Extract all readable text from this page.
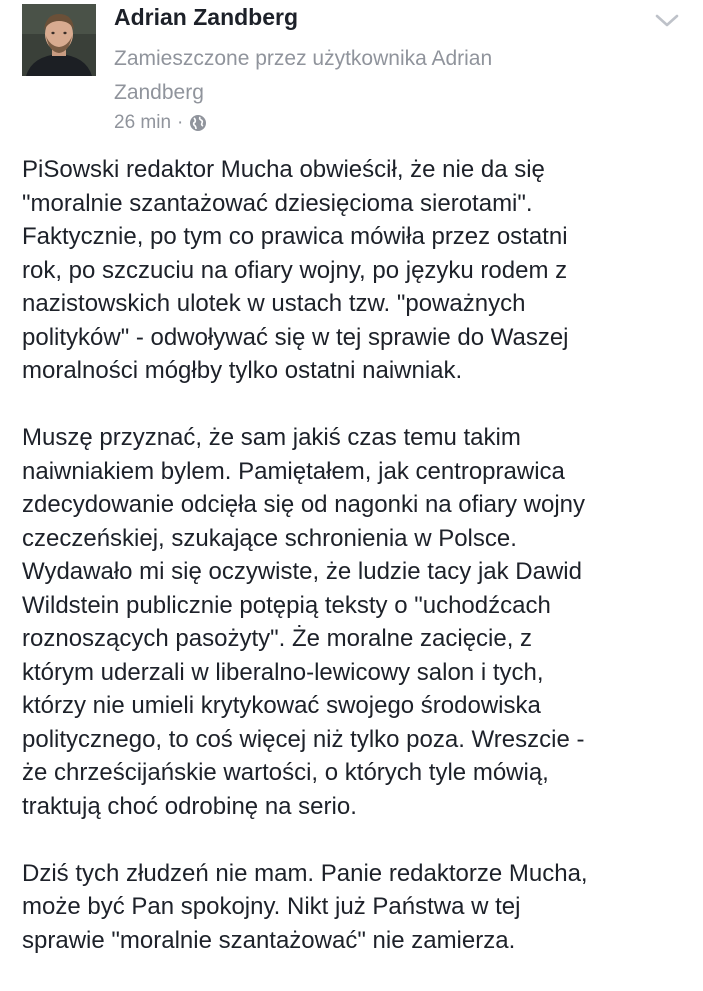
Adrian Zandberg
Zamieszczone przez użytkownika Adrian Zandberg
26 min ·

PiSowski redaktor Mucha obwieścił, że nie da się
"moralnie szantażować dziesięcioma sierotami".
Faktycznie, po tym co prawica mówiła przez ostatni
rok, po szczuciu na ofiary wojny, po języku rodem z
nazistowskich ulotek w ustach tzw. "poważnych
polityków" - odwoływać się w tej sprawie do Waszej
moralności mógłby tylko ostatni naiwniak.

Muszę przyznać, że sam jakiś czas temu takim
naiwniakiem bylem. Pamiętałem, jak centroprawica
zdecydowanie odcięła się od nagonki na ofiary wojny
czeczeńskiej, szukające schronienia w Polsce.
Wydawało mi się oczywiste, że ludzie tacy jak Dawid
Wildstein publicznie potępią teksty o "uchodźcach
roznoszących pasożyty". Że moralne zacięcie, z
którym uderzali w liberalno-lewicowy salon i tych,
którzy nie umieli krytykować swojego środowiska
politycznego, to coś więcej niż tylko poza. Wreszcie -
że chrześcijańskie wartości, o których tyle mówią,
traktują choć odrobinę na serio.

Dziś tych złudzeń nie mam. Panie redaktorze Mucha,
może być Pan spokojny. Nikt już Państwa w tej
sprawie "moralnie szantażować" nie zamierza.
